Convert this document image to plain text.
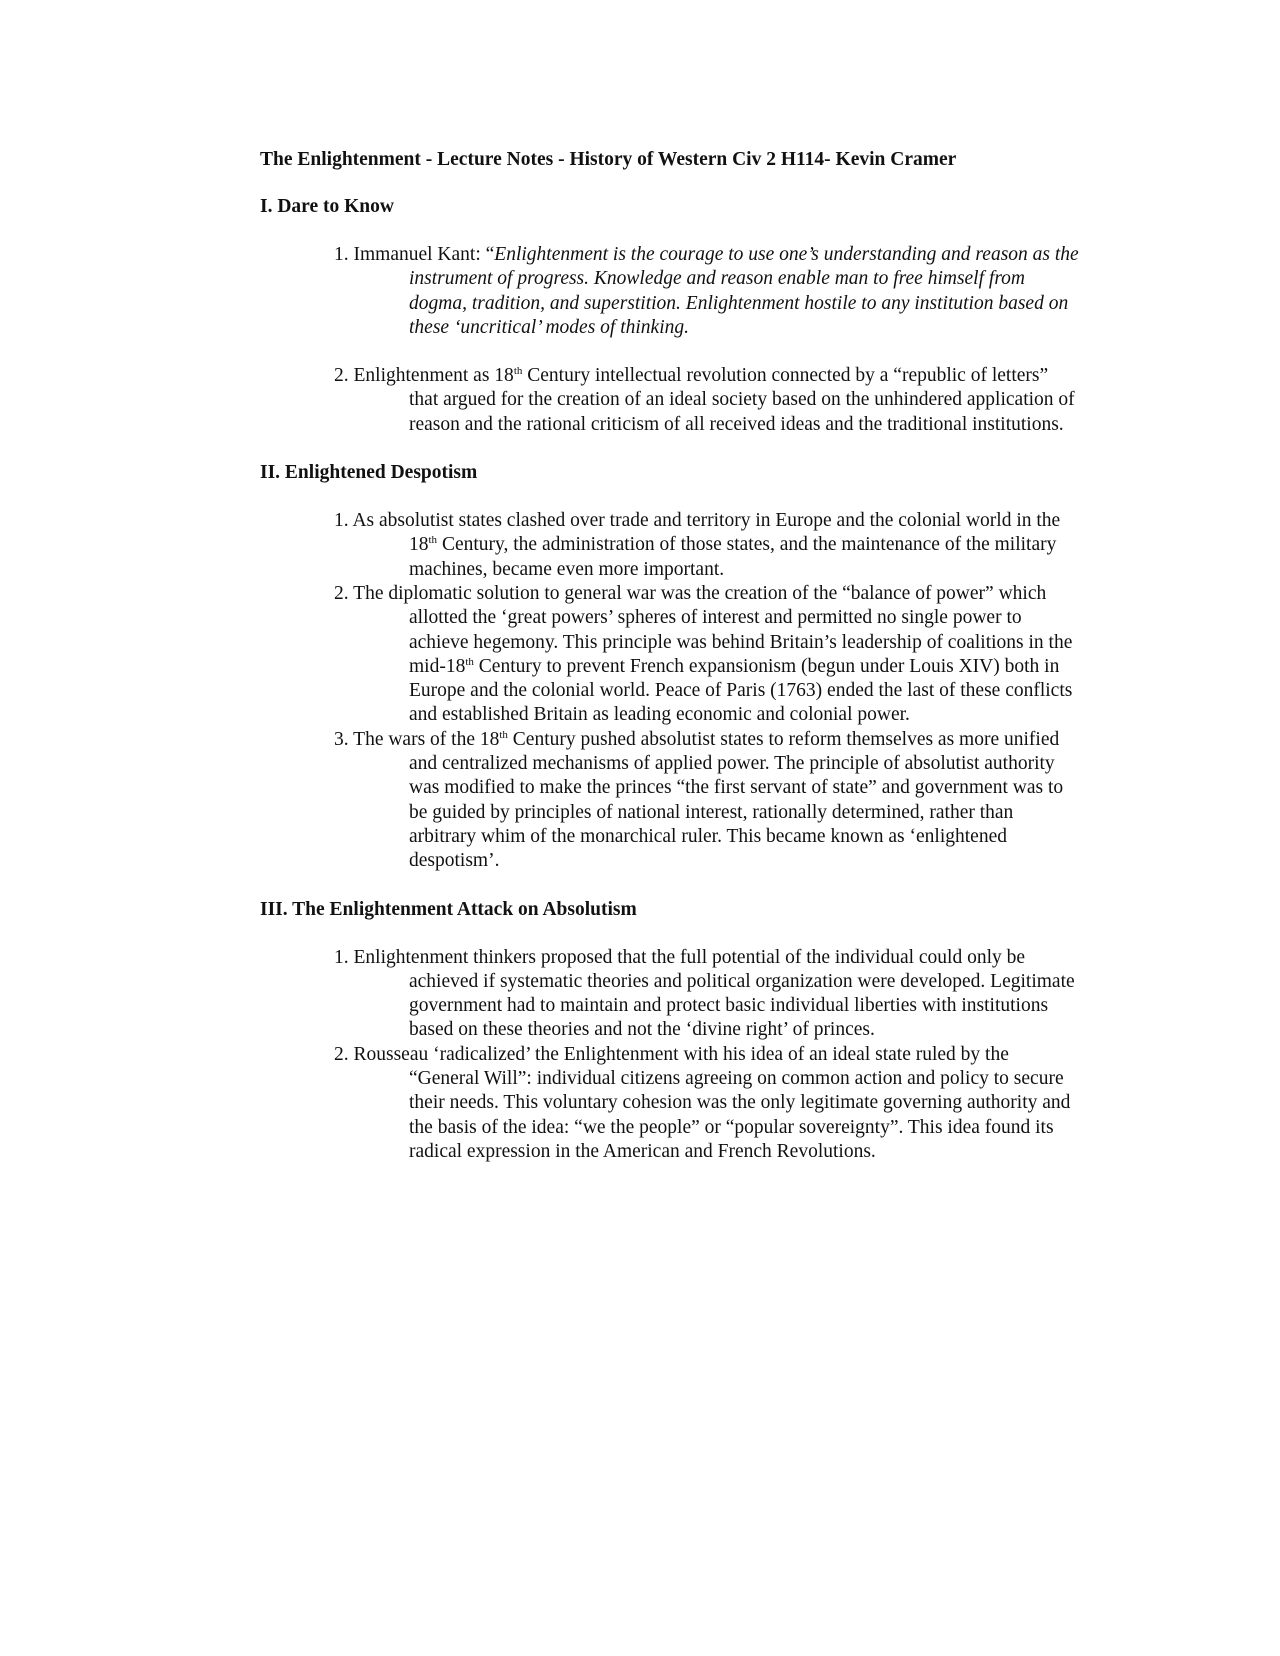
The Enlightenment - Lecture Notes - History of Western Civ 2 H114- Kevin Cramer
I. Dare to Know
1. Immanuel Kant: “Enlightenment is the courage to use one’s understanding and reason as the instrument of progress. Knowledge and reason enable man to free himself from dogma, tradition, and superstition. Enlightenment hostile to any institution based on these ‘uncritical’ modes of thinking.
2. Enlightenment as 18th Century intellectual revolution connected by a “republic of letters” that argued for the creation of an ideal society based on the unhindered application of reason and the rational criticism of all received ideas and the traditional institutions.
II. Enlightened Despotism
1. As absolutist states clashed over trade and territory in Europe and the colonial world in the 18th Century, the administration of those states, and the maintenance of the military machines, became even more important.
2. The diplomatic solution to general war was the creation of the “balance of power” which allotted the ‘great powers’ spheres of interest and permitted no single power to achieve hegemony. This principle was behind Britain’s leadership of coalitions in the mid-18th Century to prevent French expansionism (begun under Louis XIV) both in Europe and the colonial world. Peace of Paris (1763) ended the last of these conflicts and established Britain as leading economic and colonial power.
3. The wars of the 18th Century pushed absolutist states to reform themselves as more unified and centralized mechanisms of applied power. The principle of absolutist authority was modified to make the princes “the first servant of state” and government was to be guided by principles of national interest, rationally determined, rather than arbitrary whim of the monarchical ruler. This became known as ‘enlightened despotism’.
III. The Enlightenment Attack on Absolutism
1. Enlightenment thinkers proposed that the full potential of the individual could only be achieved if systematic theories and political organization were developed. Legitimate government had to maintain and protect basic individual liberties with institutions based on these theories and not the ‘divine right’ of princes.
2. Rousseau ‘radicalized’ the Enlightenment with his idea of an ideal state ruled by the “General Will”: individual citizens agreeing on common action and policy to secure their needs. This voluntary cohesion was the only legitimate governing authority and the basis of the idea: “we the people” or “popular sovereignty”. This idea found its radical expression in the American and French Revolutions.
